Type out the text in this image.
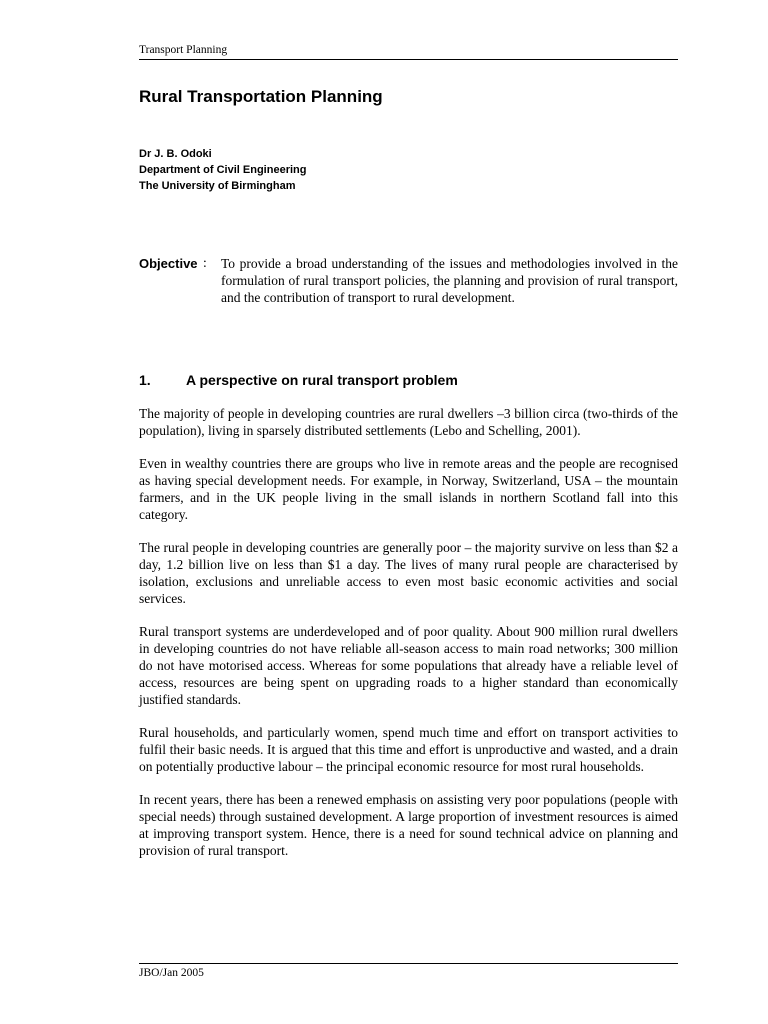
Transport Planning
Rural Transportation Planning
Dr J. B. Odoki
Department of Civil Engineering
The University of Birmingham
Objective : To provide a broad understanding of the issues and methodologies involved in the formulation of rural transport policies, the planning and provision of rural transport, and the contribution of transport to rural development.

1.	A perspective on rural transport problem

The majority of people in developing countries are rural dwellers –3 billion circa (two-thirds of the population), living in sparsely distributed settlements (Lebo and Schelling, 2001).

Even in wealthy countries there are groups who live in remote areas and the people are recognised as having special development needs. For example, in Norway, Switzerland, USA – the mountain farmers, and in the UK people living in the small islands in northern Scotland fall into this category.

The rural people in developing countries are generally poor – the majority survive on less than $2 a day, 1.2 billion live on less than $1 a day. The lives of many rural people are characterised by isolation, exclusions and unreliable access to even most basic economic activities and social services.

Rural transport systems are underdeveloped and of poor quality. About 900 million rural dwellers in developing countries do not have reliable all-season access to main road networks; 300 million do not have motorised access. Whereas for some populations that already have a reliable level of access, resources are being spent on upgrading roads to a higher standard than economically justified standards.

Rural households, and particularly women, spend much time and effort on transport activities to fulfil their basic needs. It is argued that this time and effort is unproductive and wasted, and a drain on potentially productive labour – the principal economic resource for most rural households.

In recent years, there has been a renewed emphasis on assisting very poor populations (people with special needs) through sustained development. A large proportion of investment resources is aimed at improving transport system. Hence, there is a need for sound technical advice on planning and provision of rural transport.

JBO/Jan 2005
